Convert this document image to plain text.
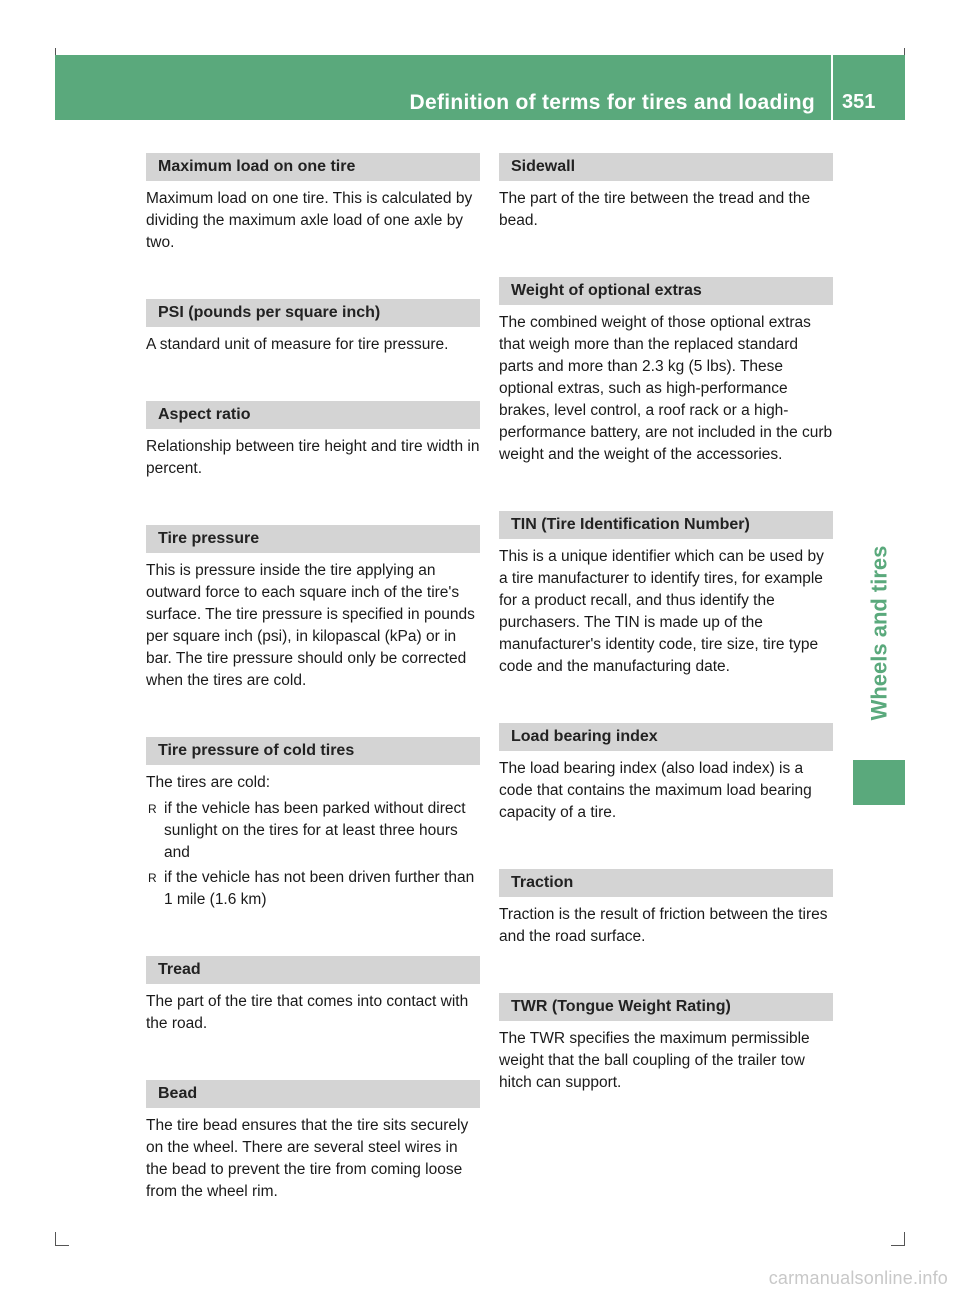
Definition of terms for tires and loading 351
Wheels and tires
Maximum load on one tire

Maximum load on one tire. This is calculated by dividing the maximum axle load of one axle by two.

PSI (pounds per square inch)

A standard unit of measure for tire pressure.

Aspect ratio

Relationship between tire height and tire width in percent.

Tire pressure

This is pressure inside the tire applying an outward force to each square inch of the tire's surface. The tire pressure is specified in pounds per square inch (psi), in kilopascal (kPa) or in bar. The tire pressure should only be corrected when the tires are cold.

Tire pressure of cold tires

The tires are cold:

R if the vehicle has been parked without direct sunlight on the tires for at least three hours and
R if the vehicle has not been driven further than 1 mile (1.6 km)
Tread

The part of the tire that comes into contact with the road.

Bead

The tire bead ensures that the tire sits securely on the wheel. There are several steel wires in the bead to prevent the tire from coming loose from the wheel rim.

Sidewall

The part of the tire between the tread and the bead.

Weight of optional extras

The combined weight of those optional extras that weigh more than the replaced standard parts and more than 2.3 kg (5 lbs). These optional extras, such as high-performance brakes, level control, a roof rack or a high-performance battery, are not included in the curb weight and the weight of the accessories.

TIN (Tire Identification Number)

This is a unique identifier which can be used by a tire manufacturer to identify tires, for example for a product recall, and thus identify the purchasers. The TIN is made up of the manufacturer's identity code, tire size, tire type code and the manufacturing date.

Load bearing index

The load bearing index (also load index) is a code that contains the maximum load bearing capacity of a tire.

Traction

Traction is the result of friction between the tires and the road surface.

TWR (Tongue Weight Rating)

The TWR specifies the maximum permissible weight that the ball coupling of the trailer tow hitch can support.

carmanualsonline.info
